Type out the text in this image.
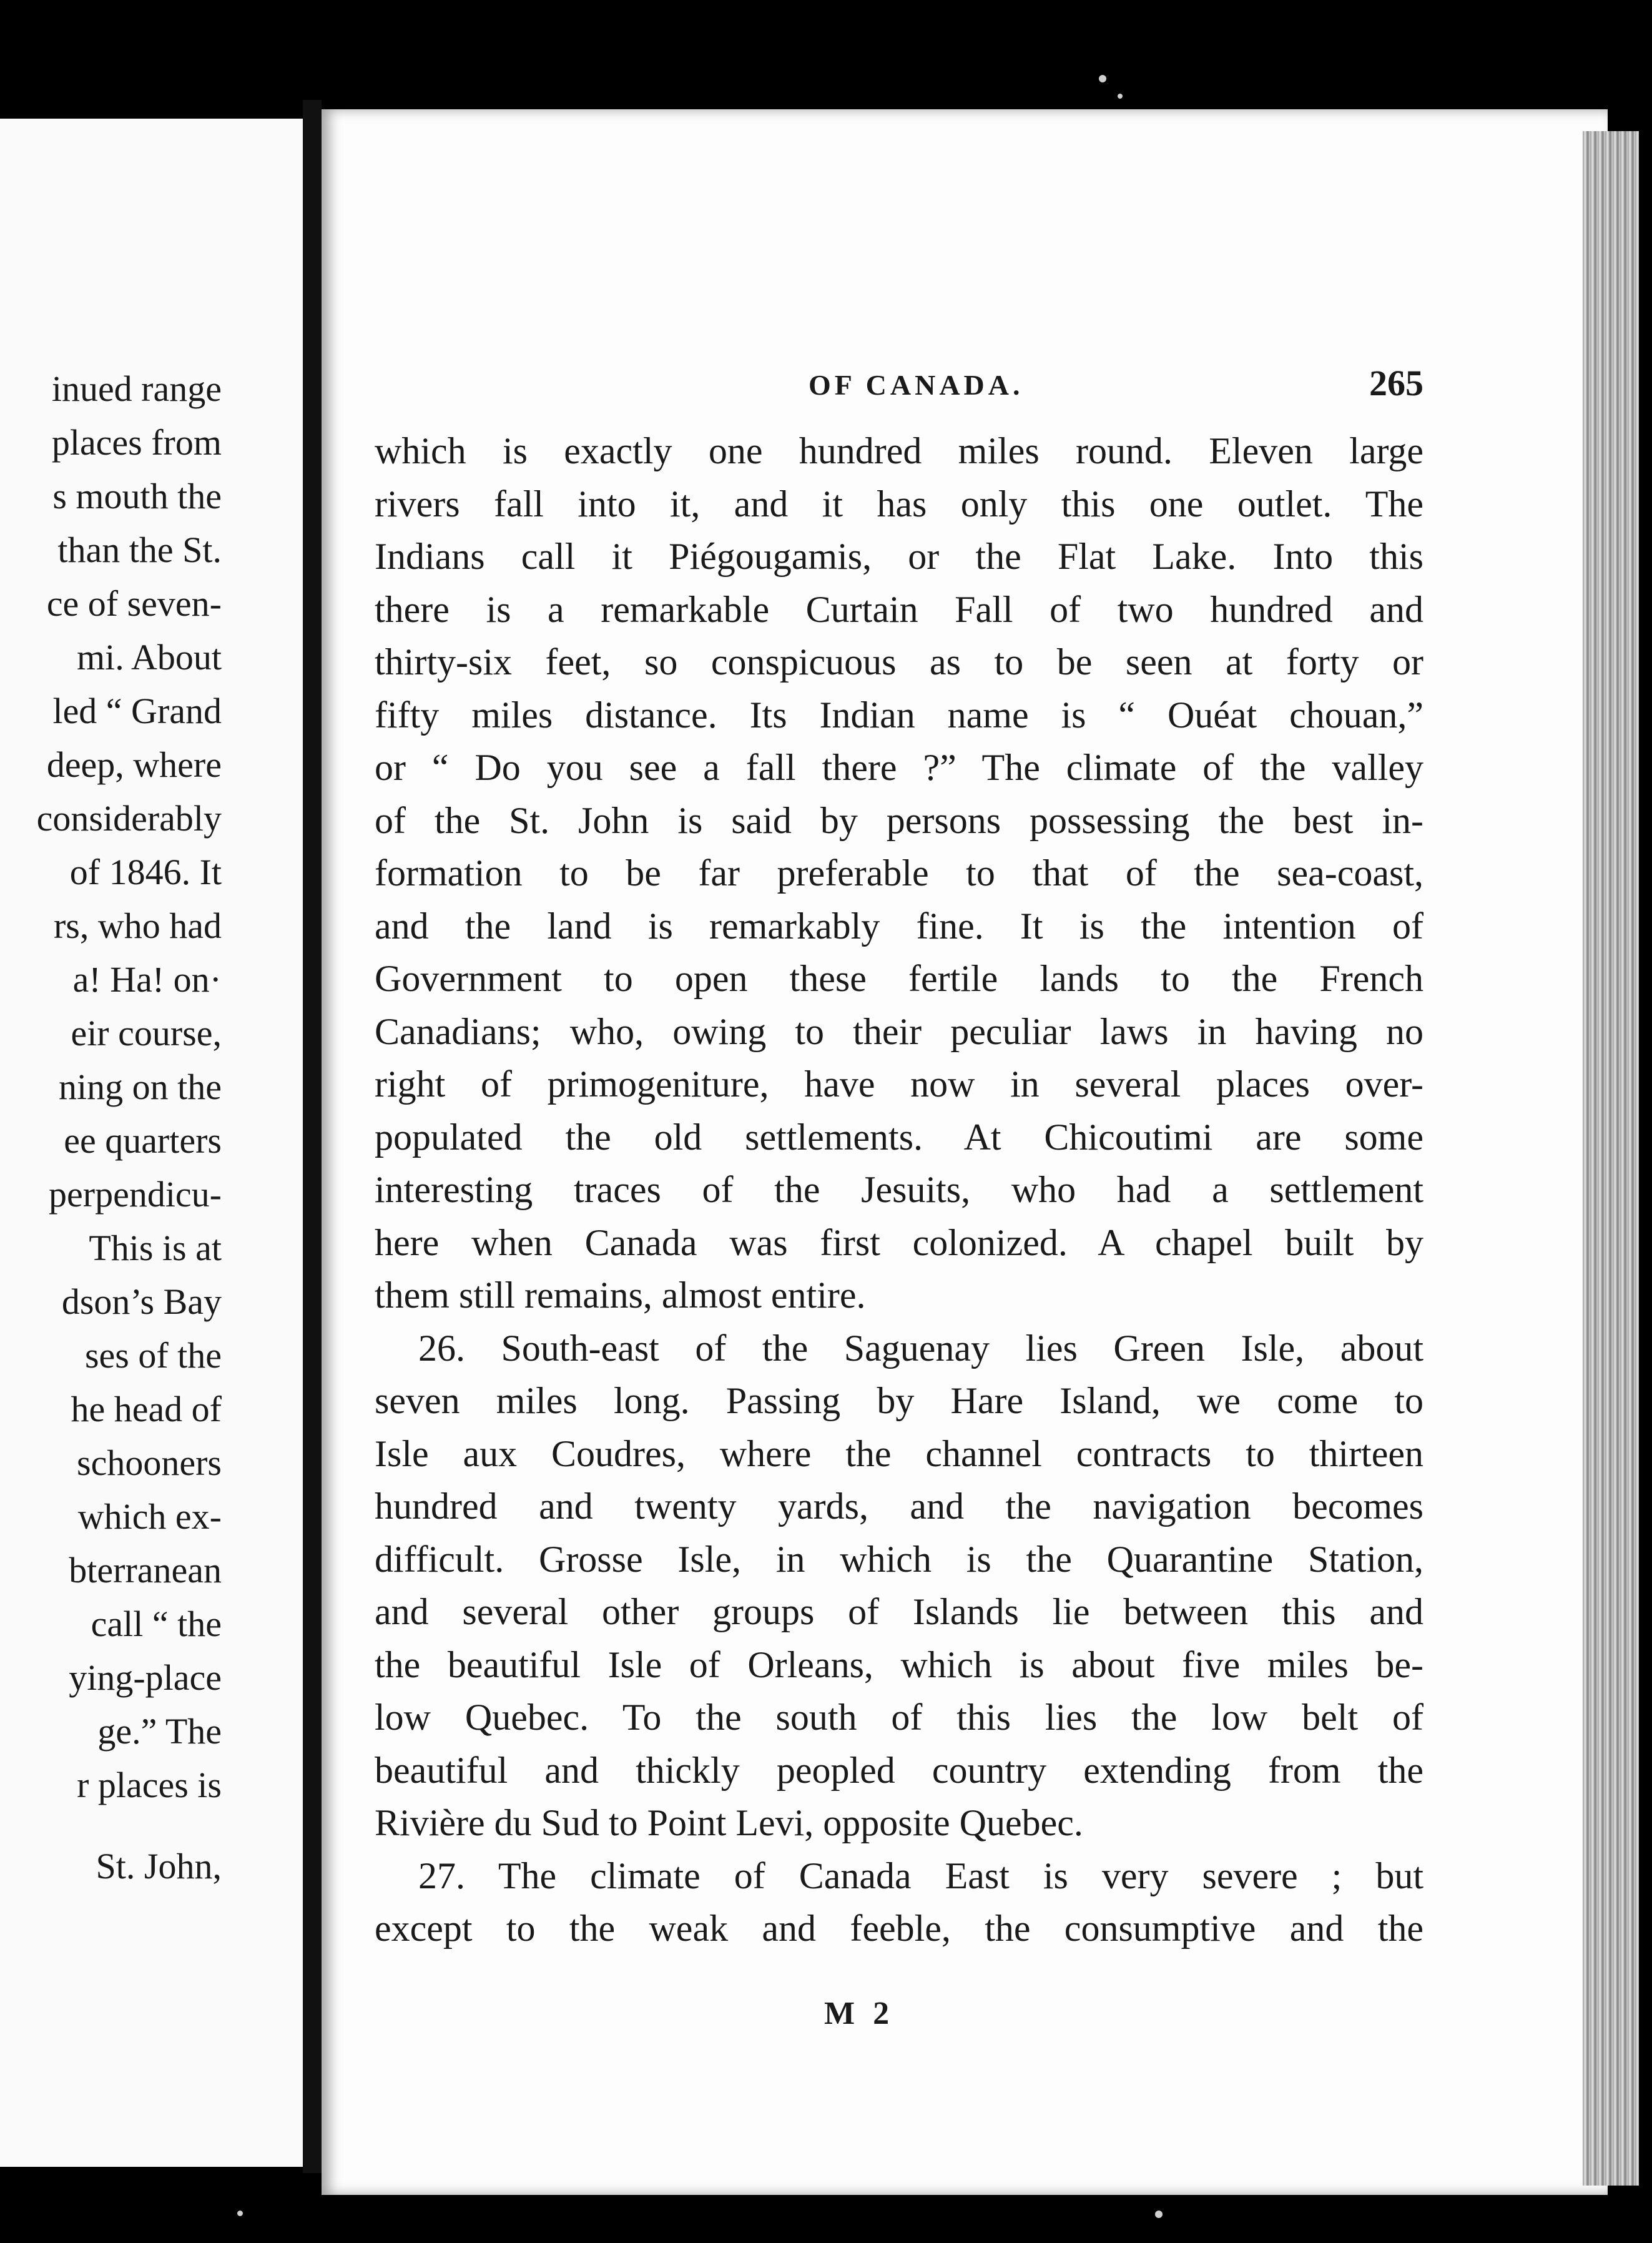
inued range
places from
s mouth the
than the St.
ce of seven-
mi. About
led “ Grand
deep, where
considerably
of 1846. It
rs, who had
a! Ha! on·
eir course,
ning on the
ee quarters
perpendicu-
This is at
dson’s Bay
ses of the
he head of
schooners
which ex-
bterranean
call “ the
ying-place
ge.” The
r places is
St. John,
OF CANADA.	265
which is exactly one hundred miles round. Eleven large
rivers fall into it, and it has only this one outlet. The
Indians call it Piégougamis, or the Flat Lake. Into this
there is a remarkable Curtain Fall of two hundred and
thirty-six feet, so conspicuous as to be seen at forty or
fifty miles distance. Its Indian name is “ Ouéat chouan,”
or “ Do you see a fall there ?” The climate of the valley
of the St. John is said by persons possessing the best in-
formation to be far preferable to that of the sea-coast,
and the land is remarkably fine. It is the intention of
Government to open these fertile lands to the French
Canadians; who, owing to their peculiar laws in having no
right of primogeniture, have now in several places over-
populated the old settlements. At Chicoutimi are some
interesting traces of the Jesuits, who had a settlement
here when Canada was first colonized. A chapel built by
them still remains, almost entire.
26. South-east of the Saguenay lies Green Isle, about
seven miles long. Passing by Hare Island, we come to
Isle aux Coudres, where the channel contracts to thirteen
hundred and twenty yards, and the navigation becomes
difficult. Grosse Isle, in which is the Quarantine Station,
and several other groups of Islands lie between this and
the beautiful Isle of Orleans, which is about five miles be-
low Quebec. To the south of this lies the low belt of
beautiful and thickly peopled country extending from the
Rivière du Sud to Point Levi, opposite Quebec.
27. The climate of Canada East is very severe ; but
except to the weak and feeble, the consumptive and the
M 2
